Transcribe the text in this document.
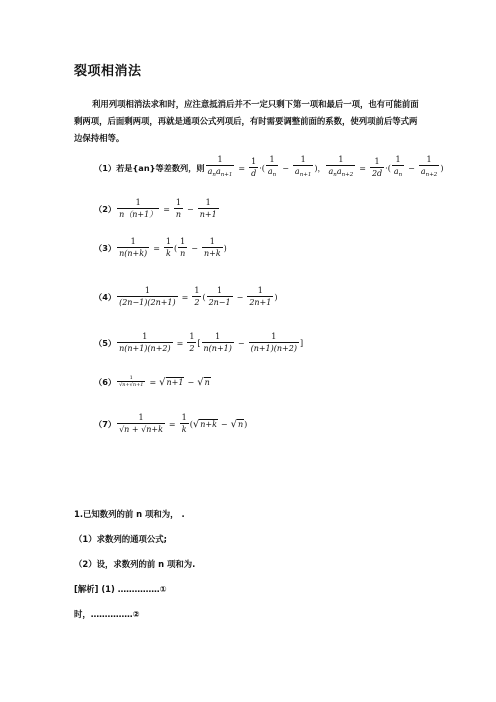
裂项相消法
利用列项相消法求和时，应注意抵消后并不一定只剩下第一项和最后一项，也有可能前面剩两项，后面剩两项，再就是通项公式列项后，有时需要调整前面的系数，使列项前后等式两边保持相等。
（1）若是{a n }等差数列，则 $\frac{1}{a_na_{n+1}} = \frac{1}{d}$ ·( $\frac{1}{a_n} - \frac{1}{a_{n+1}}$ )， $\frac{1}{a_na_{n+2}} = \frac{1}{2d}$ ·( $\frac{1}{a_n} - \frac{1}{a_{n+2}}$ )
$(2) \frac{1}{n(n+1)} = \frac{1}{n} - \frac{1}{n+1}$
$(3) \frac{1}{n(n+k)} = \frac{1}{k}$ ( $\frac{1}{n} - \frac{1}{n+k}$ )
$(4) \frac{1}{(2n-1)(2n+1)} = \frac{1}{2}$ ( $\frac{1}{2n-1} - \frac{1}{2n+1}$ )
$(5) \frac{1}{n(n+1)(n+2)} = \frac{1}{2}$ [ $\frac{1}{n(n+1)} - \frac{1}{(n+1)(n+2)}$ ]
$(6) \frac{1}{√n+√n+1} = √n+1 - √n$
$(7) \frac{1}{√n + √n+k} = \frac{1}{k}$ ( √n+k − √n )
1.已知数列的前 n 项和为， .
（1）求数列的通项公式;
（2）设，求数列的前 n 项和为.
[解析] (1) ……………①
时，……………②
